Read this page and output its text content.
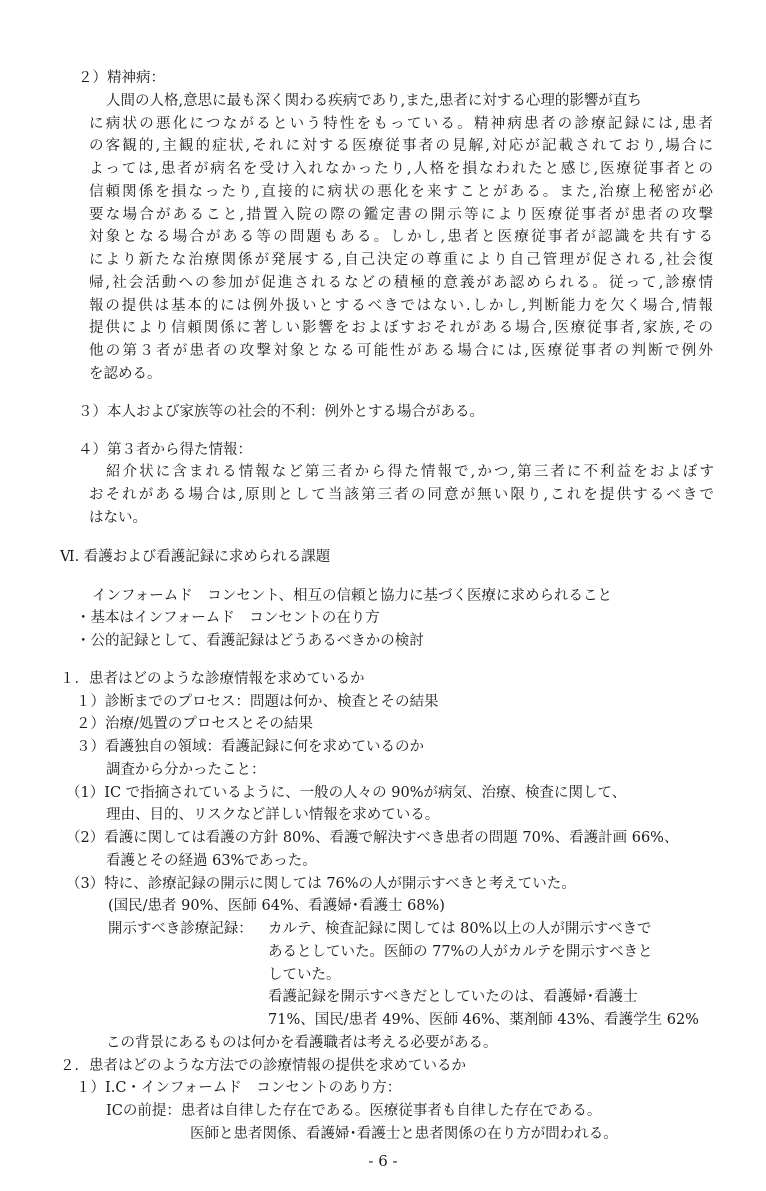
２）精神病：
人間の人格,意思に最も深く関わる疾病であり,また,患者に対する心理的影響が直ち
に病状の悪化につながるという特性をもっている。精神病患者の診療記録には,患者
の客観的,主観的症状,それに対する医療従事者の見解,対応が記載されており,場合に
よっては,患者が病名を受け入れなかったり,人格を損なわれたと感じ,医療従事者との
信頼関係を損なったり,直接的に病状の悪化を来すことがある。また,治療上秘密が必
要な場合があること,措置入院の際の鑑定書の開示等により医療従事者が患者の攻撃
対象となる場合がある等の問題もある。しかし,患者と医療従事者が認識を共有する
により新たな治療関係が発展する,自己決定の尊重により自己管理が促される,社会復
帰,社会活動への参加が促進されるなどの積極的意義があ認められる。従って,診療情
報の提供は基本的には例外扱いとするべきではない.しかし,判断能力を欠く場合,情報
提供により信頼関係に著しい影響をおよぼすおそれがある場合,医療従事者,家族,その
他の第３者が患者の攻撃対象となる可能性がある場合には,医療従事者の判断で例外
を認める。
３）本人および家族等の社会的不利：例外とする場合がある。
４）第３者から得た情報：
紹介状に含まれる情報など第三者から得た情報で,かつ,第三者に不利益をおよぼす
おそれがある場合は,原則として当該第三者の同意が無い限り,これを提供するべきで
はない。
Ⅵ. 看護および看護記録に求められる課題
インフォームド　コンセント、相互の信頼と協力に基づく医療に求められること
・基本はインフォームド　コンセントの在り方
・公的記録として、看護記録はどうあるべきかの検討
１．患者はどのような診療情報を求めているか
１）診断までのプロセス：問題は何か、検査とその結果
２）治療/処置のプロセスとその結果
３）看護独自の領域：看護記録に何を求めているのか
調査から分かったこと：
（1）IC で指摘されているように、一般の人々の 90%が病気、治療、検査に関して、
理由、目的、リスクなど詳しい情報を求めている。
（2）看護に関しては看護の方針 80%、看護で解決すべき患者の問題 70%、看護計画 66%、
看護とその経過 63%であった。
（3）特に、診療記録の開示に関しては 76%の人が開示すべきと考えていた。
(国民/患者 90%、医師 64%、看護婦･看護士 68%)
開示すべき診療記録： カルテ、検査記録に関しては 80%以上の人が開示すべきで
あるとしていた。医師の 77%の人がカルテを開示すべきと
していた。
看護記録を開示すべきだとしていたのは、看護婦･看護士
71%、国民/患者 49%、医師 46%、薬剤師 43%、看護学生 62%
この背景にあるものは何かを看護職者は考える必要がある。
２．患者はどのような方法での診療情報の提供を求めているか
１）I.C・インフォームド　コンセントのあり方：
ICの前提：患者は自律した存在である。医療従事者も自律した存在である。
医師と患者関係、看護婦･看護士と患者関係の在り方が問われる。
- 6 -
